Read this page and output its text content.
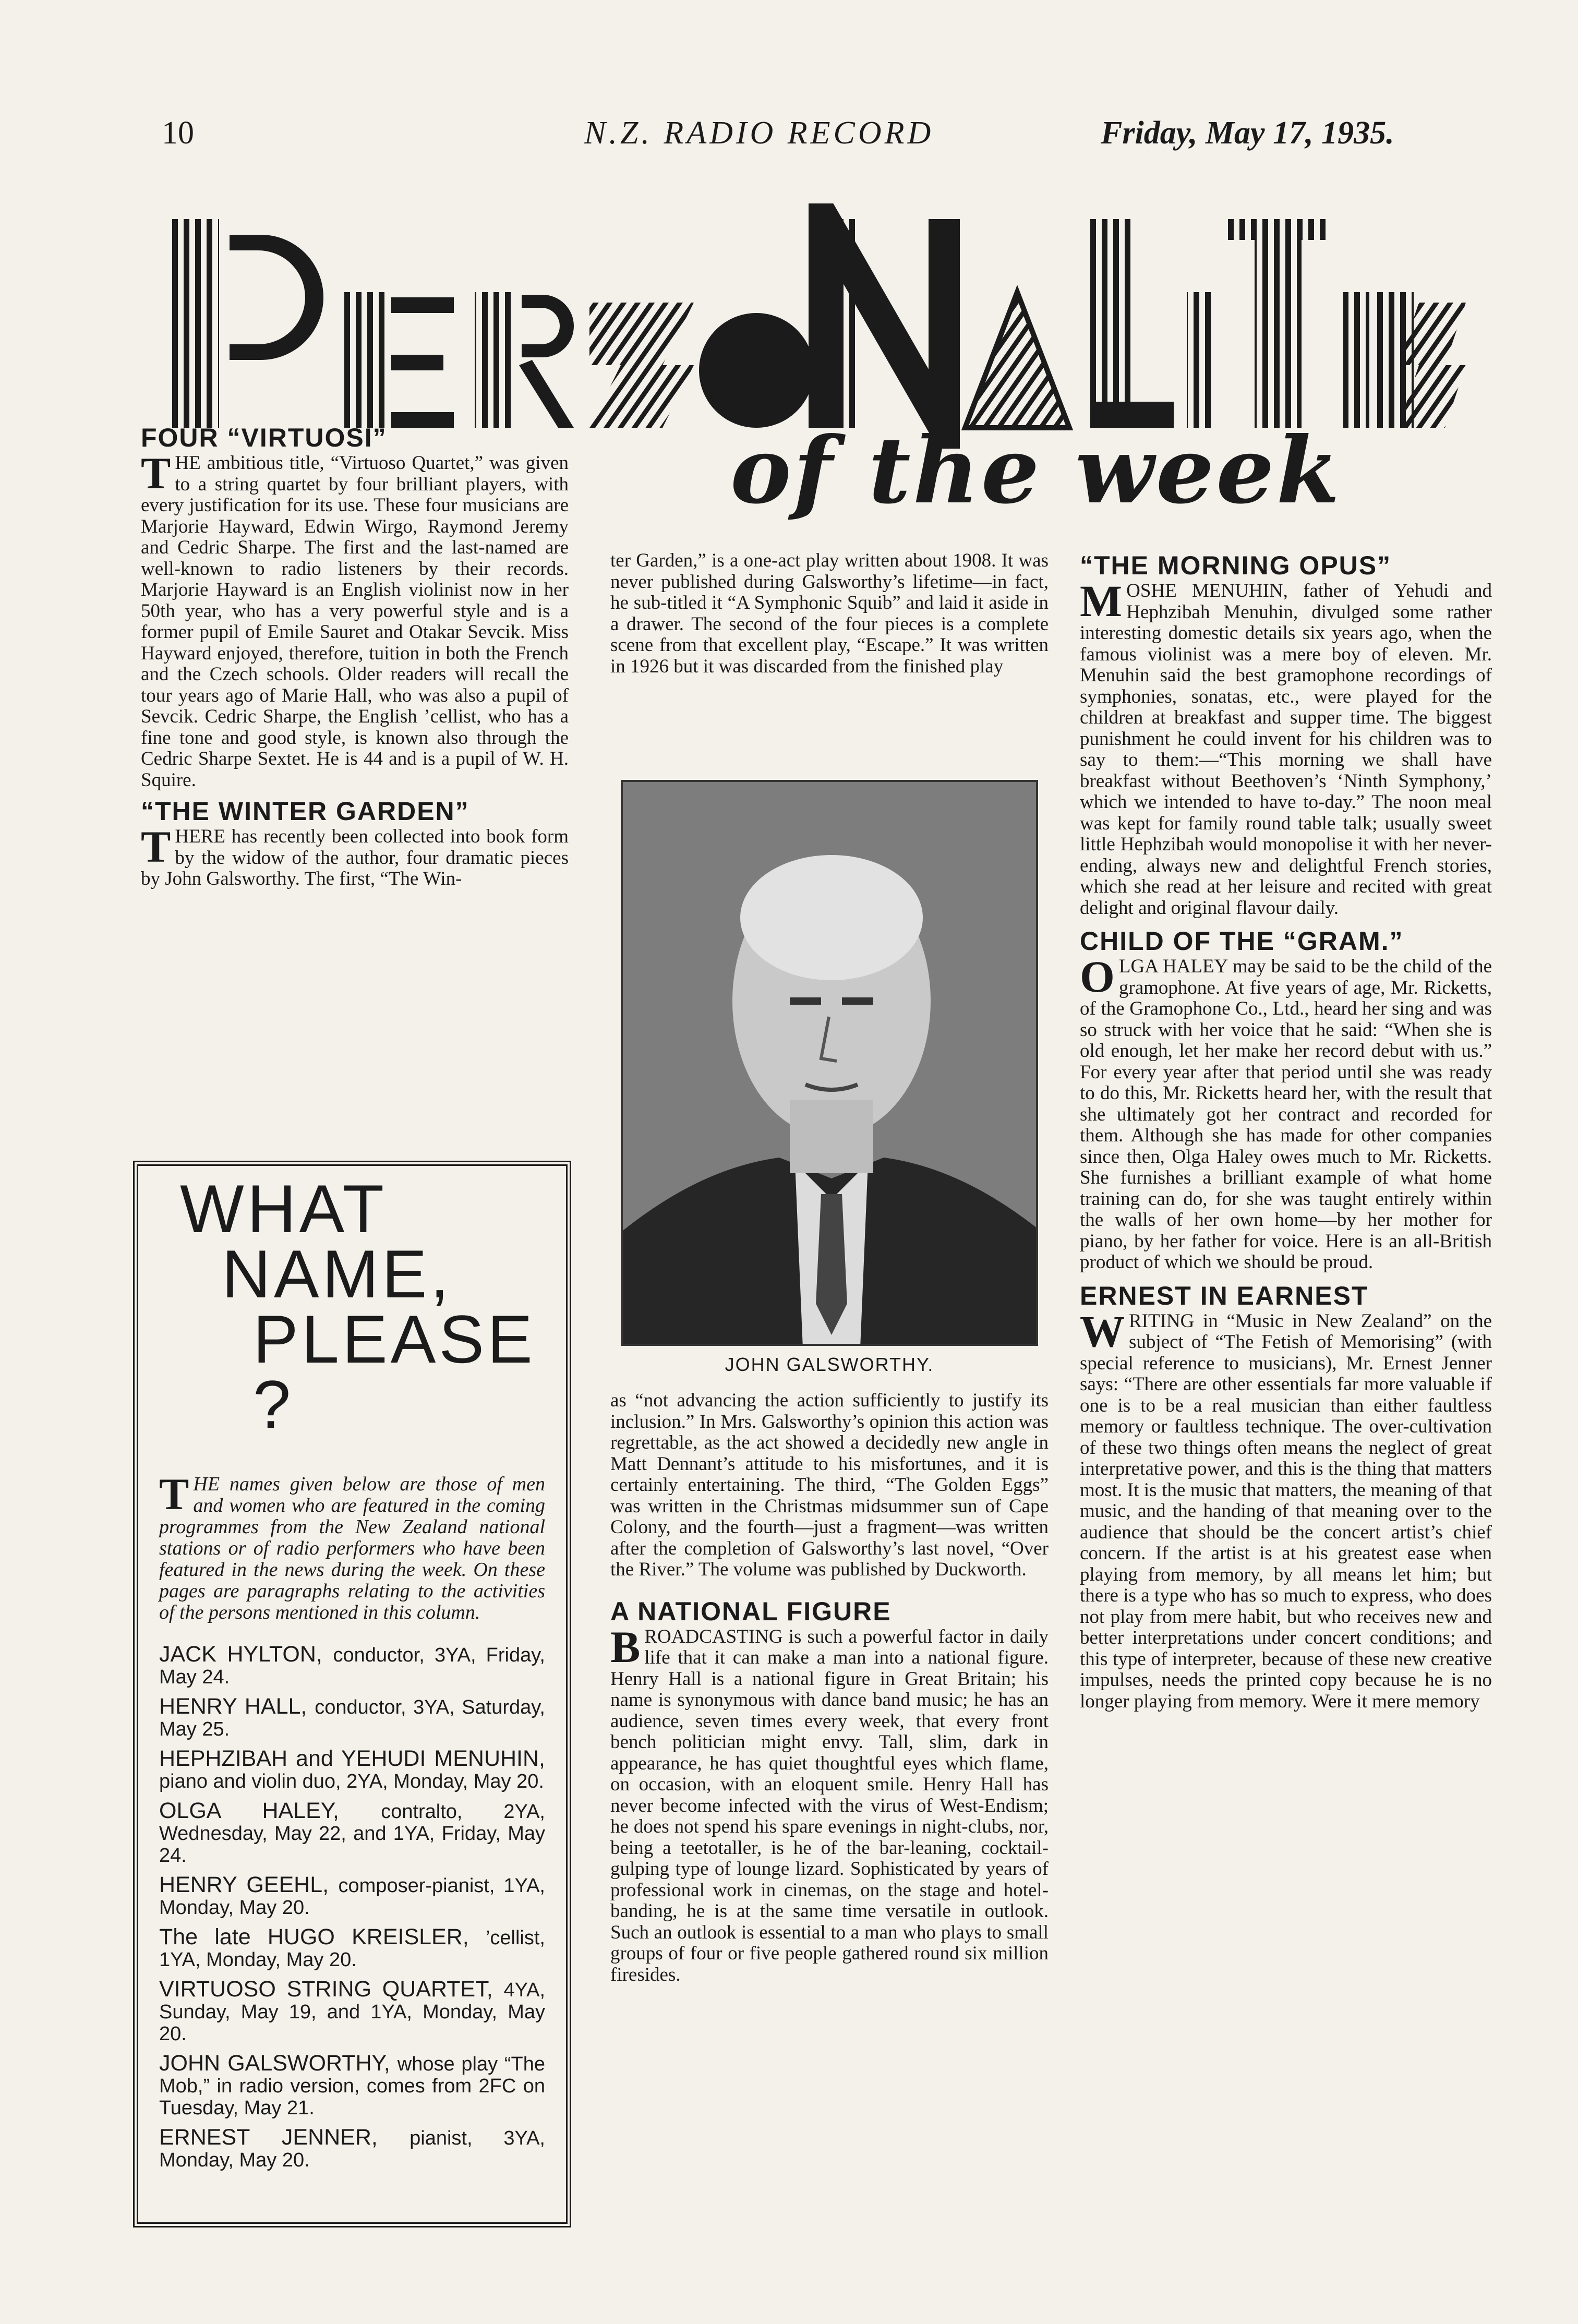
10	N.Z. RADIO RECORD	Friday, May 17, 1935.
of the week
FOUR “VIRTUOSI”

THE ambitious title, “Virtuoso Quartet,” was given to a string quartet by four brilliant players, with every justification for its use. These four musicians are Marjorie Hayward, Edwin Wirgo, Raymond Jeremy and Cedric Sharpe. The first and the last-named are well-known to radio listeners by their records. Marjorie Hayward is an English violinist now in her 50th year, who has a very powerful style and is a former pupil of Emile Sauret and Otakar Sevcik. Miss Hayward enjoyed, therefore, tuition in both the French and the Czech schools. Older readers will recall the tour years ago of Marie Hall, who was also a pupil of Sevcik. Cedric Sharpe, the English ’cellist, who has a fine tone and good style, is known also through the Cedric Sharpe Sextet. He is 44 and is a pupil of W. H. Squire.

“THE WINTER GARDEN”

THERE has recently been collected into book form by the widow of the author, four dramatic pieces by John Galsworthy. The first, “The Win-

WHAT
NAME,
PLEASE ?

THE names given below are those of men and women who are featured in the coming programmes from the New Zealand national stations or of radio performers who have been featured in the news during the week. On these pages are paragraphs relating to the activities of the persons mentioned in this column.

JACK HYLTON, conductor, 3YA, Friday, May 24.
HENRY HALL, conductor, 3YA, Saturday, May 25.
HEPHZIBAH and YEHUDI MENUHIN,piano and violin duo, 2YA, Monday, May 20.
OLGA HALEY, contralto, 2YA, Wednesday, May 22, and 1YA, Friday, May 24.
HENRY GEEHL, composer-pianist, 1YA, Monday, May 20.
The late HUGO KREISLER, ’cellist, 1YA, Monday, May 20.
VIRTUOSO STRING QUARTET, 4YA, Sunday, May 19, and 1YA, Monday, May 20.
JOHN GALSWORTHY, whose play “The Mob,” in radio version, comes from 2FC on Tuesday, May 21.
ERNEST JENNER, pianist, 3YA, Monday, May 20.

ter Garden,” is a one-act play written about 1908. It was never published during Galsworthy’s lifetime—in fact, he sub-titled it “A Symphonic Squib” and laid it aside in a drawer. The second of the four pieces is a complete scene from that excellent play, “Escape.” It was written in 1926 but it was discarded from the finished play

JOHN GALSWORTHY.

as “not advancing the action sufficiently to justify its inclusion.” In Mrs. Galsworthy’s opinion this action was regrettable, as the act showed a decidedly new angle in Matt Dennant’s attitude to his misfortunes, and it is certainly entertaining. The third, “The Golden Eggs” was written in the Christmas midsummer sun of Cape Colony, and the fourth—just a fragment—was written after the completion of Galsworthy’s last novel, “Over the River.” The volume was published by Duckworth.

A NATIONAL FIGURE

BROADCASTING is such a powerful factor in daily life that it can make a man into a national figure. Henry Hall is a national figure in Great Britain; his name is synonymous with dance band music; he has an audience, seven times every week, that every front bench politician might envy. Tall, slim, dark in appearance, he has quiet thoughtful eyes which flame, on occasion, with an eloquent smile. Henry Hall has never become infected with the virus of West-Endism; he does not spend his spare evenings in night-clubs, nor, being a teetotaller, is he of the bar-leaning, cocktail-gulping type of lounge lizard. Sophisticated by years of professional work in cinemas, on the stage and hotel-banding, he is at the same time versatile in outlook. Such an outlook is essential to a man who plays to small groups of four or five people gathered round six million firesides.

“THE MORNING OPUS”

MOSHE MENUHIN, father of Yehudi and Hephzibah Menuhin, divulged some rather interesting domestic details six years ago, when the famous violinist was a mere boy of eleven. Mr. Menuhin said the best gramophone recordings of symphonies, sonatas, etc., were played for the children at breakfast and supper time. The biggest punishment he could invent for his children was to say to them:—“This morning we shall have breakfast without Beethoven’s ‘Ninth Symphony,’ which we intended to have to-day.” The noon meal was kept for family round table talk; usually sweet little Hephzibah would monopolise it with her never-ending, always new and delightful French stories, which she read at her leisure and recited with great delight and original flavour daily.

CHILD OF THE “GRAM.”

OLGA HALEY may be said to be the child of the gramophone. At five years of age, Mr. Ricketts, of the Gramophone Co., Ltd., heard her sing and was so struck with her voice that he said: “When she is old enough, let her make her record debut with us.” For every year after that period until she was ready to do this, Mr. Ricketts heard her, with the result that she ultimately got her contract and recorded for them. Although she has made for other companies since then, Olga Haley owes much to Mr. Ricketts. She furnishes a brilliant example of what home training can do, for she was taught entirely within the walls of her own home—by her mother for piano, by her father for voice. Here is an all-British product of which we should be proud.

ERNEST IN EARNEST

WRITING in “Music in New Zealand” on the subject of “The Fetish of Memorising” (with special reference to musicians), Mr. Ernest Jenner says: “There are other essentials far more valuable if one is to be a real musician than either faultless memory or faultless technique. The over-cultivation of these two things often means the neglect of great interpretative power, and this is the thing that matters most. It is the music that matters, the meaning of that music, and the handing of that meaning over to the audience that should be the concert artist’s chief concern. If the artist is at his greatest ease when playing from memory, by all means let him; but there is a type who has so much to express, who does not play from mere habit, but who receives new and better interpretations under concert conditions; and this type of interpreter, because of these new creative impulses, needs the printed copy because he is no longer playing from memory. Were it mere memory
